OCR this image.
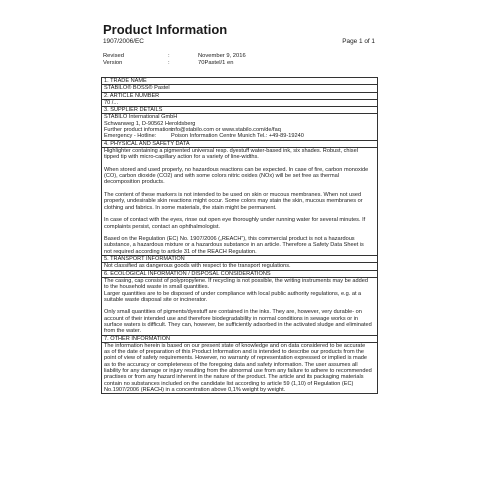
Product Information
1907/2006/EC	Page 1 of 1
Revised	:	November 9, 2016
Version	:	70Pastel/1 en
1. TRADE NAME
STABILO® BOSS® Pastel
2. ARTICLE NUMBER
70 /...
3. SUPPLIER DETAILS
STABILO International GmbH
Schwanweg 1, D-90562 Heroldsberg
Further product information:
info@stabilo.com or www.stabilo.com/de/faq
Emergency - Hotline:	Poison Information Centre Munich Tel.: +49-89-19240
4. PHYSICAL AND SAFETY DATA
Highlighter containing a pigmented universal resp. dyestuff water-based ink, six shades. Robust, chisel
tipped tip with micro-capillary action for a variety of line-widths.
When stored and used properly, no hazardous reactions can be expected. In case of fire, carbon monoxide
(CO), carbon dioxide (CO2) and with some colors nitric oxides (NOx) will be set free as thermal
decomposition products.
The content of these markers is not intended to be used on skin or mucous membranes. When not used
properly, undesirable skin reactions might occur. Some colors may stain the skin, mucous membranes or
clothing and fabrics. In some materials, the stain might be permanent.
In case of contact with the eyes, rinse out open eye thoroughly under running water for several minutes. If
complaints persist, contact an ophthalmologist.
Based on the Regulation (EC) No. 1907/2006 („REACH“), this commercial product is not a hazardous
substance, a hazardous mixture or a hazardous substance in an article. Therefore a Safety Data Sheet is
not required according to article 31 of the REACH Regulation.
5. TRANSPORT INFORMATION
Not classified as dangerous goods with respect to the transport regulations.
6. ECOLOGICAL INFORMATION / DISPOSAL CONSIDERATIONS
The casing, cap consist of polypropylene. If recycling is not possible, the writing instruments may be added
to the household waste in small quantities.
Larger quantities are to be disposed of under compliance with local public authority regulations, e.g. at a
suitable waste disposal site or incinerator.
Only small quantities of pigments/dyestuff are contained in the inks. They are, however, very durable- on
account of their intended use and therefore biodegradability in normal conditions in sewage works or in
surface waters is difficult. They can, however, be sufficiently adsorbed in the activated sludge and eliminated
from the water.
7. OTHER INFORMATION
The information herein is based on our present state of knowledge and on data considered to be accurate
as of the date of preparation of this Product Information and is intended to describe our products from the
point of view of safety requirements. However, no warranty of representation expressed or implied is made
as to the accuracy or completeness of the foregoing data and safety information. The user assumes all
liability for any damage or injury resulting from the abnormal use from any failure to adhere to recommended
practises or from any hazard inherent in the nature of the product. The article and its packaging materials
contain no substances included on the candidate list according to article 59 (1,10) of Regulation (EC)
No.1907/2006 (REACH) in a concentration above 0,1% weight by weight.
